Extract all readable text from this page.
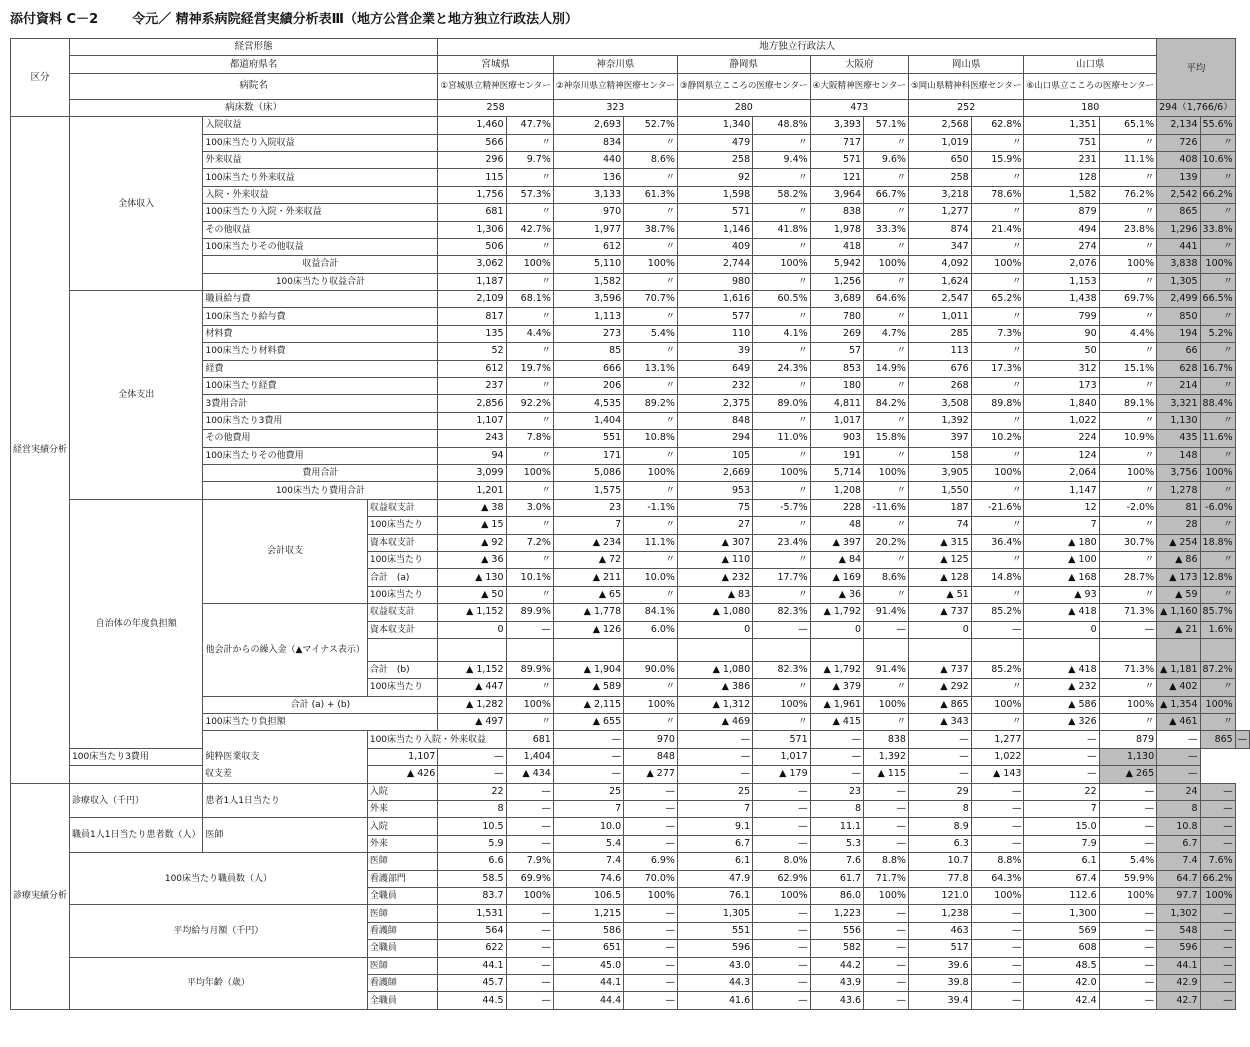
添付資料 C－2	令元／ 精神系病院経営実績分析表Ⅲ（地方公営企業と地方独立行政法人別）
区分	経営形態			地方独立行政法人												平均		
	都道府県名			宮城県		神奈川県		静岡県		大阪府		岡山県		山口県				
	病院名			①宮城県立精神医療センター		②神奈川県立精神医療センター		③静岡県立こころの医療センター		④大阪精神医療センター		⑤岡山県精神科医療センター		⑥山口県立こころの医療センター				
	病床数（床）			258		323		280		473		252		180		294（1,766/6）		
経営実績分析	全体収入	入院収益		1,460	47.7%	2,693	52.7%	1,340	48.8%	3,393	57.1%	2,568	62.8%	1,351	65.1%	2,134	55.6%	
		100床当たり入院収益		566	〃	834	〃	479	〃	717	〃	1,019	〃	751	〃	726	〃	
		外来収益		296	9.7%	440	8.6%	258	9.4%	571	9.6%	650	15.9%	231	11.1%	408	10.6%	
		100床当たり外来収益		115	〃	136	〃	92	〃	121	〃	258	〃	128	〃	139	〃	
		入院・外来収益		1,756	57.3%	3,133	61.3%	1,598	58.2%	3,964	66.7%	3,218	78.6%	1,582	76.2%	2,542	66.2%	
		100床当たり入院・外来収益		681	〃	970	〃	571	〃	838	〃	1,277	〃	879	〃	865	〃	
		その他収益		1,306	42.7%	1,977	38.7%	1,146	41.8%	1,978	33.3%	874	21.4%	494	23.8%	1,296	33.8%	
		100床当たりその他収益		506	〃	612	〃	409	〃	418	〃	347	〃	274	〃	441	〃	
		収益合計		3,062	100%	5,110	100%	2,744	100%	5,942	100%	4,092	100%	2,076	100%	3,838	100%	
		100床当たり収益合計		1,187	〃	1,582	〃	980	〃	1,256	〃	1,624	〃	1,153	〃	1,305	〃	
	全体支出	職員給与費		2,109	68.1%	3,596	70.7%	1,616	60.5%	3,689	64.6%	2,547	65.2%	1,438	69.7%	2,499	66.5%	
		100床当たり給与費		817	〃	1,113	〃	577	〃	780	〃	1,011	〃	799	〃	850	〃	
		材料費		135	4.4%	273	5.4%	110	4.1%	269	4.7%	285	7.3%	90	4.4%	194	5.2%	
		100床当たり材料費		52	〃	85	〃	39	〃	57	〃	113	〃	50	〃	66	〃	
		経費		612	19.7%	666	13.1%	649	24.3%	853	14.9%	676	17.3%	312	15.1%	628	16.7%	
		100床当たり経費		237	〃	206	〃	232	〃	180	〃	268	〃	173	〃	214	〃	
		3費用合計		2,856	92.2%	4,535	89.2%	2,375	89.0%	4,811	84.2%	3,508	89.8%	1,840	89.1%	3,321	88.4%	
		100床当たり3費用		1,107	〃	1,404	〃	848	〃	1,017	〃	1,392	〃	1,022	〃	1,130	〃	
		その他費用		243	7.8%	551	10.8%	294	11.0%	903	15.8%	397	10.2%	224	10.9%	435	11.6%	
		100床当たりその他費用		94	〃	171	〃	105	〃	191	〃	158	〃	124	〃	148	〃	
		費用合計		3,099	100%	5,086	100%	2,669	100%	5,714	100%	3,905	100%	2,064	100%	3,756	100%	
		100床当たり費用合計		1,201	〃	1,575	〃	953	〃	1,208	〃	1,550	〃	1,147	〃	1,278	〃	
	自治体の年度負担額	会計収支	収益収支計	▲ 38	3.0%	23	-1.1%	75	-5.7%	228	-11.6%	187	-21.6%	12	-2.0%	81	-6.0%	
			100床当たり	▲ 15	〃	7	〃	27	〃	48	〃	74	〃	7	〃	28	〃	
			資本収支計	▲ 92	7.2%	▲ 234	11.1%	▲ 307	23.4%	▲ 397	20.2%	▲ 315	36.4%	▲ 180	30.7%	▲ 254	18.8%	
			100床当たり	▲ 36	〃	▲ 72	〃	▲ 110	〃	▲ 84	〃	▲ 125	〃	▲ 100	〃	▲ 86	〃	
			合計　(a)	▲ 130	10.1%	▲ 211	10.0%	▲ 232	17.7%	▲ 169	8.6%	▲ 128	14.8%	▲ 168	28.7%	▲ 173	12.8%	
			100床当たり	▲ 50	〃	▲ 65	〃	▲ 83	〃	▲ 36	〃	▲ 51	〃	▲ 93	〃	▲ 59	〃	
		他会計からの繰入金（▲マイナス表示）	収益収支計	▲ 1,152	89.9%	▲ 1,778	84.1%	▲ 1,080	82.3%	▲ 1,792	91.4%	▲ 737	85.2%	▲ 418	71.3%	▲ 1,160	85.7%	
			資本収支計	0	—	▲ 126	6.0%	0	—	0	—	0	—	0	—	▲ 21	1.6%	

			合計　(b)	▲ 1,152	89.9%	▲ 1,904	90.0%	▲ 1,080	82.3%	▲ 1,792	91.4%	▲ 737	85.2%	▲ 418	71.3%	▲ 1,181	87.2%	
			100床当たり	▲ 447	〃	▲ 589	〃	▲ 386	〃	▲ 379	〃	▲ 292	〃	▲ 232	〃	▲ 402	〃	
		合計 (a) + (b)		▲ 1,282	100%	▲ 2,115	100%	▲ 1,312	100%	▲ 1,961	100%	▲ 865	100%	▲ 586	100%	▲ 1,354	100%	
		100床当たり負担額		▲ 497	〃	▲ 655	〃	▲ 469	〃	▲ 415	〃	▲ 343	〃	▲ 326	〃	▲ 461	〃	
		純粋医業収支	100床当たり入院・外来収益		681	—	970	—	571	—	838	—	1,277	—	879	—	865	—
	100床当たり3費用		1,107	—	1,404	—	848	—	1,017	—	1,392	—	1,022	—	1,130	—		
	収支差		▲ 426	—	▲ 434	—	▲ 277	—	▲ 179	—	▲ 115	—	▲ 143	—	▲ 265	—		
診療実績分析	診療収入（千円）	患者1人1日当たり	入院	22	—	25	—	25	—	23	—	29	—	22	—	24	—	
			外来	8	—	7	—	7	—	8	—	8	—	7	—	8	—	
	職員1人1日当たり患者数（人）	医師	入院	10.5	—	10.0	—	9.1	—	11.1	—	8.9	—	15.0	—	10.8	—	
			外来	5.9	—	5.4	—	6.7	—	5.3	—	6.3	—	7.9	—	6.7	—	
	100床当たり職員数（人）		医師	6.6	7.9%	7.4	6.9%	6.1	8.0%	7.6	8.8%	10.7	8.8%	6.1	5.4%	7.4	7.6%	
			看護部門	58.5	69.9%	74.6	70.0%	47.9	62.9%	61.7	71.7%	77.8	64.3%	67.4	59.9%	64.7	66.2%	
			全職員	83.7	100%	106.5	100%	76.1	100%	86.0	100%	121.0	100%	112.6	100%	97.7	100%	
	平均給与月額（千円）		医師	1,531	—	1,215	—	1,305	—	1,223	—	1,238	—	1,300	—	1,302	—	
			看護師	564	—	586	—	551	—	556	—	463	—	569	—	548	—	
			全職員	622	—	651	—	596	—	582	—	517	—	608	—	596	—	
	平均年齢（歳）		医師	44.1	—	45.0	—	43.0	—	44.2	—	39.6	—	48.5	—	44.1	—	
			看護師	45.7	—	44.1	—	44.3	—	43.9	—	39.8	—	42.0	—	42.9	—	
			全職員	44.5	—	44.4	—	41.6	—	43.6	—	39.4	—	42.4	—	42.7	—	
